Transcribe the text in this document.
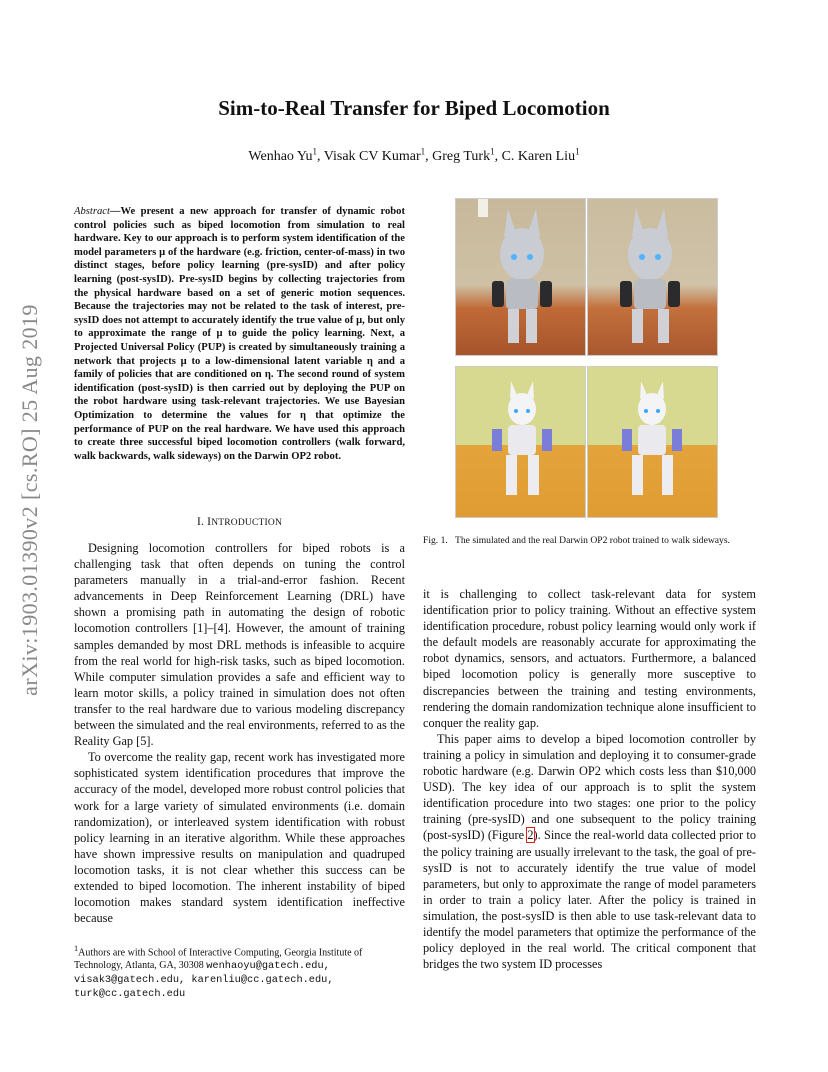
arXiv:1903.01390v2 [cs.RO] 25 Aug 2019
Sim-to-Real Transfer for Biped Locomotion
Wenhao Yu$^1$, Visak CV Kumar$^1$, Greg Turk$^1$, C. Karen Liu$^1$
Abstract—We present a new approach for transfer of dynamic robot control policies such as biped locomotion from simulation to real hardware. Key to our approach is to perform system identification of the model parameters μ of the hardware (e.g. friction, center-of-mass) in two distinct stages, before policy learning (pre-sysID) and after policy learning (post-sysID). Pre-sysID begins by collecting trajectories from the physical hardware based on a set of generic motion sequences. Because the trajectories may not be related to the task of interest, pre-sysID does not attempt to accurately identify the true value of μ, but only to approximate the range of μ to guide the policy learning. Next, a Projected Universal Policy (PUP) is created by simultaneously training a network that projects μ to a low-dimensional latent variable η and a family of policies that are conditioned on η. The second round of system identification (post-sysID) is then carried out by deploying the PUP on the robot hardware using task-relevant trajectories. We use Bayesian Optimization to determine the values for η that optimize the performance of PUP on the real hardware. We have used this approach to create three successful biped locomotion controllers (walk forward, walk backwards, walk sideways) on the Darwin OP2 robot.
I. INTRODUCTION

Designing locomotion controllers for biped robots is a challenging task that often depends on tuning the control parameters manually in a trial-and-error fashion. Recent advancements in Deep Reinforcement Learning (DRL) have shown a promising path in automating the design of robotic locomotion controllers [1]–[4]. However, the amount of training samples demanded by most DRL methods is infeasible to acquire from the real world for high-risk tasks, such as biped locomotion. While computer simulation provides a safe and efficient way to learn motor skills, a policy trained in simulation does not often transfer to the real hardware due to various modeling discrepancy between the simulated and the real environments, referred to as the Reality Gap [5].

To overcome the reality gap, recent work has investigated more sophisticated system identification procedures that improve the accuracy of the model, developed more robust control policies that work for a large variety of simulated environments (i.e. domain randomization), or interleaved system identification with robust policy learning in an iterative algorithm. While these approaches have shown impressive results on manipulation and quadruped locomotion tasks, it is not clear whether this success can be extended to biped locomotion. The inherent instability of biped locomotion makes standard system identification ineffective because

$^1$Authors are with School of Interactive Computing, Georgia Institute of Technology, Atlanta, GA, 30308 wenhaoyu@gatech.edu, visak3@gatech.edu, karenliu@cc.gatech.edu, turk@cc.gatech.edu
Fig. 1. The simulated and the real Darwin OP2 robot trained to walk sideways.

it is challenging to collect task-relevant data for system identification prior to policy training. Without an effective system identification procedure, robust policy learning would only work if the default models are reasonably accurate for approximating the robot dynamics, sensors, and actuators. Furthermore, a balanced biped locomotion policy is generally more susceptive to discrepancies between the training and testing environments, rendering the domain randomization technique alone insufficient to conquer the reality gap.

This paper aims to develop a biped locomotion controller by training a policy in simulation and deploying it to consumer-grade robotic hardware (e.g. Darwin OP2 which costs less than $10,000 USD). The key idea of our approach is to split the system identification procedure into two stages: one prior to the policy training (pre-sysID) and one subsequent to the policy training (post-sysID) (Figure 2). Since the real-world data collected prior to the policy training are usually irrelevant to the task, the goal of pre-sysID is not to accurately identify the true value of model parameters, but only to approximate the range of model parameters in order to train a policy later. After the policy is trained in simulation, the post-sysID is then able to use task-relevant data to identify the model parameters that optimize the performance of the policy deployed in the real world. The critical component that bridges the two system ID processes
